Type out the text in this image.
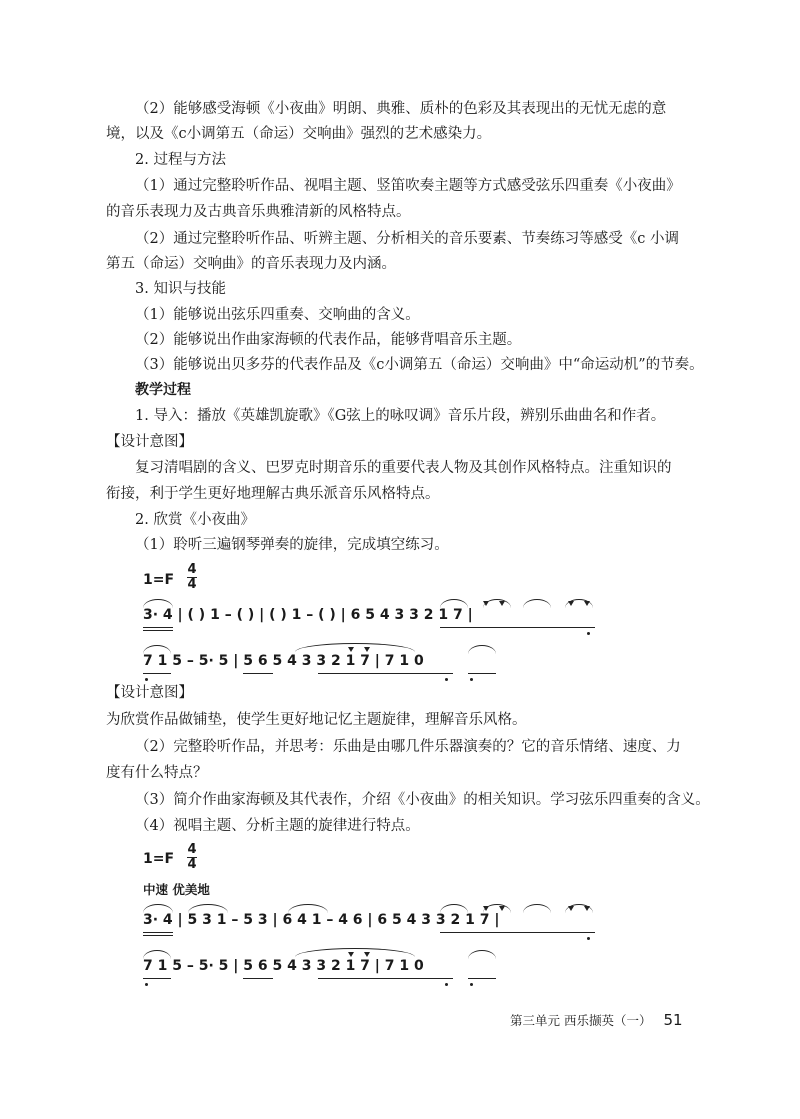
（2）能够感受海顿《小夜曲》明朗、典雅、质朴的色彩及其表现出的无忧无虑的意
境，以及《c小调第五（命运）交响曲》强烈的艺术感染力。
2. 过程与方法
（1）通过完整聆听作品、视唱主题、竖笛吹奏主题等方式感受弦乐四重奏《小夜曲》
的音乐表现力及古典音乐典雅清新的风格特点。
（2）通过完整聆听作品、听辨主题、分析相关的音乐要素、节奏练习等感受《c 小调
第五（命运）交响曲》的音乐表现力及内涵。
3. 知识与技能
（1）能够说出弦乐四重奏、交响曲的含义。
（2）能够说出作曲家海顿的代表作品，能够背唱音乐主题。
（3）能够说出贝多芬的代表作品及《c小调第五（命运）交响曲》中“命运动机”的节奏。
教学过程
1. 导入：播放《英雄凯旋歌》《G弦上的咏叹调》音乐片段，辨别乐曲曲名和作者。
【设计意图】
复习清唱剧的含义、巴罗克时期音乐的重要代表人物及其创作风格特点。注重知识的
衔接，利于学生更好地理解古典乐派音乐风格特点。
2. 欣赏《小夜曲》
（1）聆听三遍钢琴弹奏的旋律，完成填空练习。
1=F
4
4
3· 4 | ( ) 1 – ( ) | ( ) 1 – ( ) | 6 5 4 3 3 2 1 7 |
7 1 5 – 5· 5 | 5 6 5 4 3 3 2 1 7 | 7 1 0
【设计意图】
为欣赏作品做铺垫，使学生更好地记忆主题旋律，理解音乐风格。
（2）完整聆听作品，并思考：乐曲是由哪几件乐器演奏的？它的音乐情绪、速度、力
度有什么特点？
（3）简介作曲家海顿及其代表作，介绍《小夜曲》的相关知识。学习弦乐四重奏的含义。
（4）视唱主题、分析主题的旋律进行特点。
1=F
4
4
中速 优美地
3· 4 | 5 3 1 – 5 3 | 6 4 1 – 4 6 | 6 5 4 3 3 2 1 7 |
7 1 5 – 5· 5 | 5 6 5 4 3 3 2 1 7 | 7 1 0
第三单元 西乐撷英（一） 51
